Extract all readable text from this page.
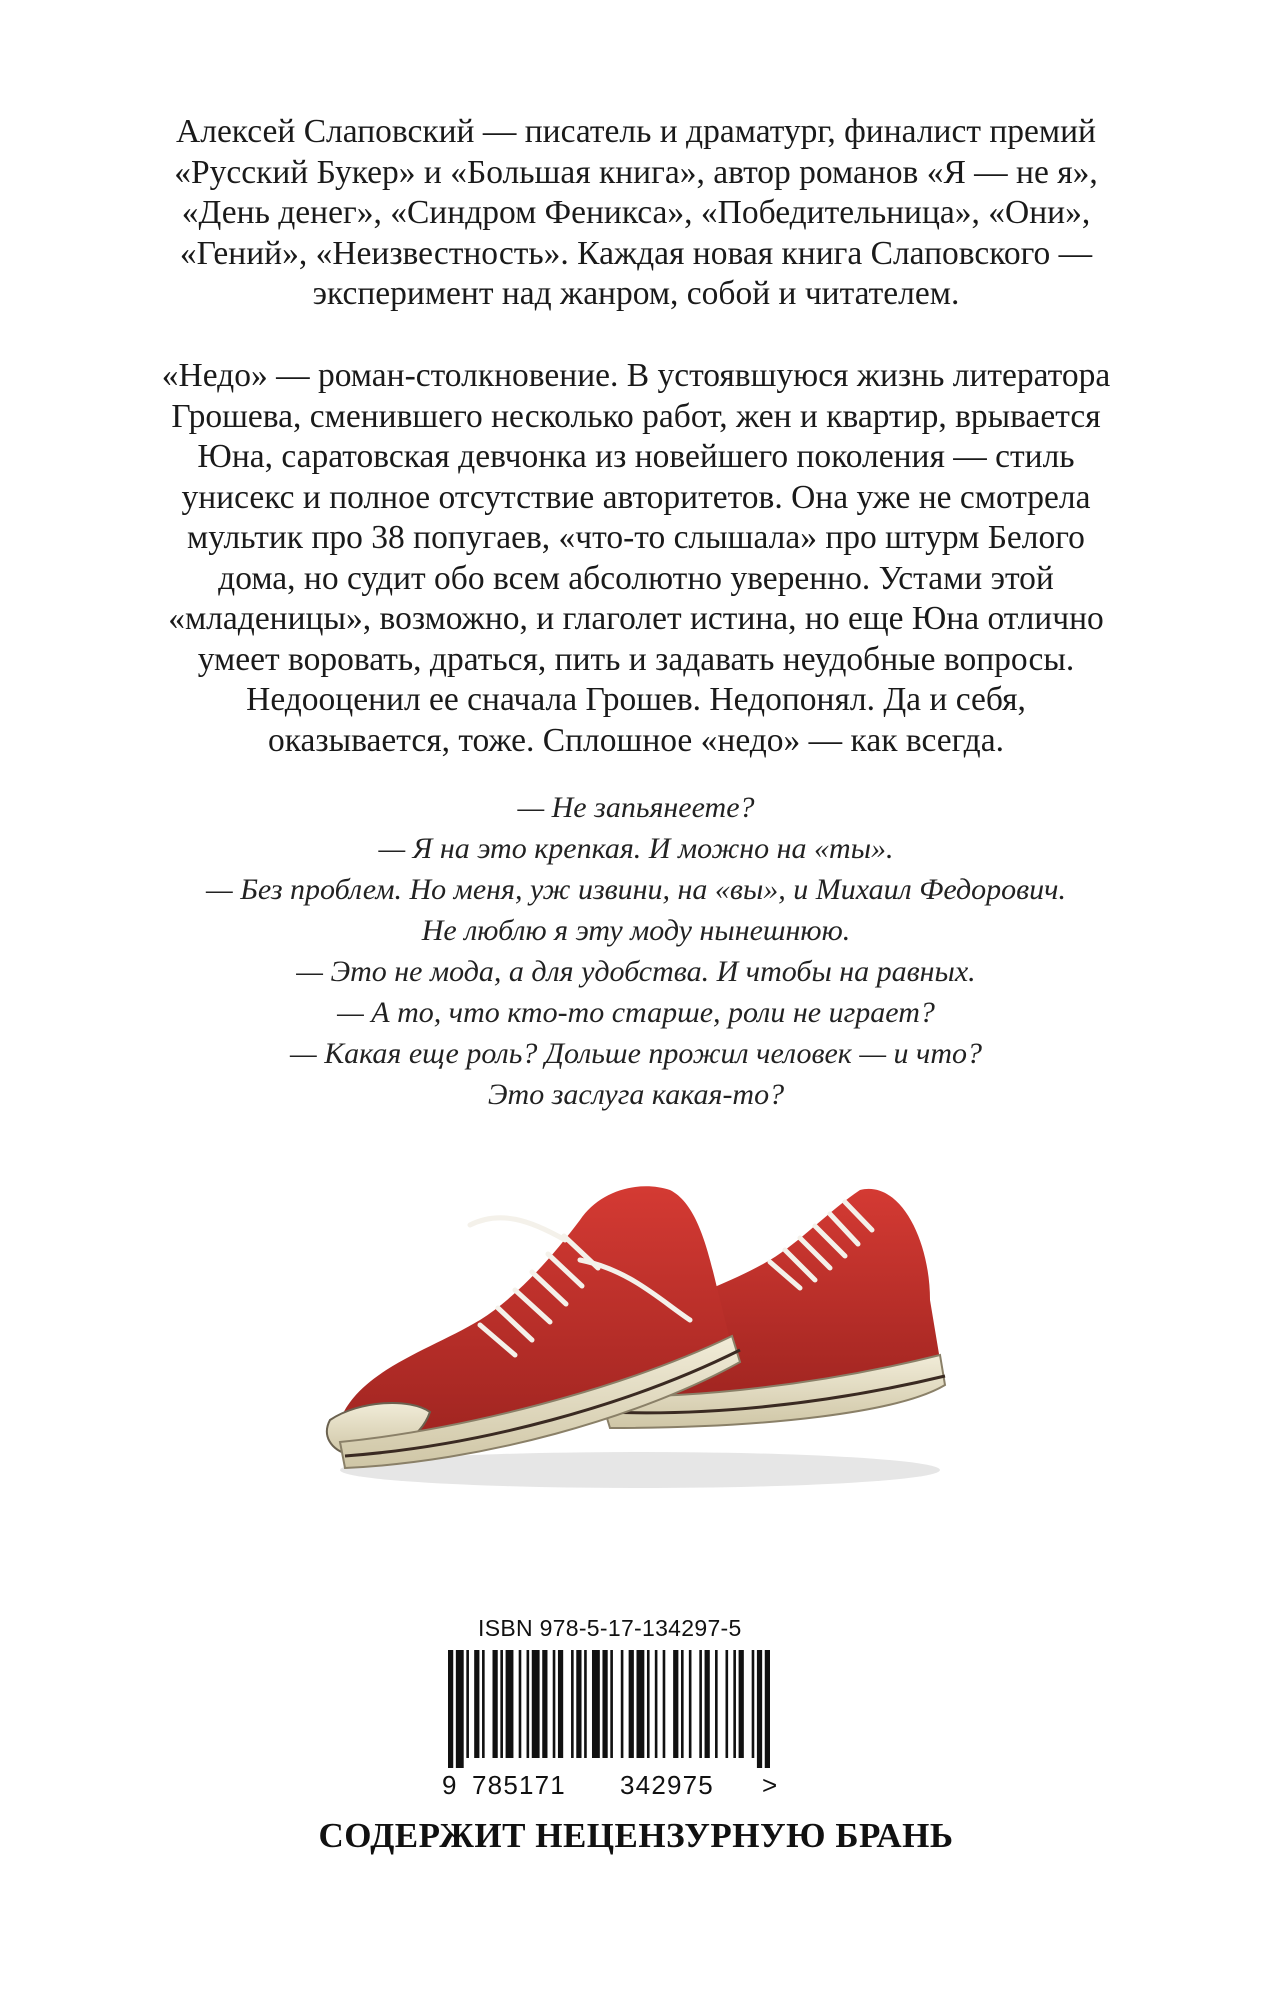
Алексей Слаповский — писатель и драматург, финалист премий
«Русский Букер» и «Большая книга», автор романов «Я — не я»,
«День денег», «Синдром Феникса», «Победительница», «Они»,
«Гений», «Неизвестность». Каждая новая книга Слаповского —
эксперимент над жанром, собой и читателем.
«Недо» — роман-столкновение. В устоявшуюся жизнь литератора
Грошева, сменившего несколько работ, жен и квартир, врывается
Юна, саратовская девчонка из новейшего поколения — стиль
унисекс и полное отсутствие авторитетов. Она уже не смотрела
мультик про 38 попугаев, «что-то слышала» про штурм Белого
дома, но судит обо всем абсолютно уверенно. Устами этой
«младеницы», возможно, и глаголет истина, но еще Юна отлично
умеет воровать, драться, пить и задавать неудобные вопросы.
Недооценил ее сначала Грошев. Недопонял. Да и себя,
оказывается, тоже. Сплошное «недо» — как всегда.
— Не запьянеете?
— Я на это крепкая. И можно на «ты».
— Без проблем. Но меня, уж извини, на «вы», и Михаил Федорович.
Не люблю я эту моду нынешнюю.
— Это не мода, а для удобства. И чтобы на равных.
— А то, что кто-то старше, роли не играет?
— Какая еще роль? Дольше прожил человек — и что?
Это заслуга какая-то?
ISBN 978-5-17-134297-5
9 785171 342975 >
СОДЕРЖИТ НЕЦЕНЗУРНУЮ БРАНЬ
